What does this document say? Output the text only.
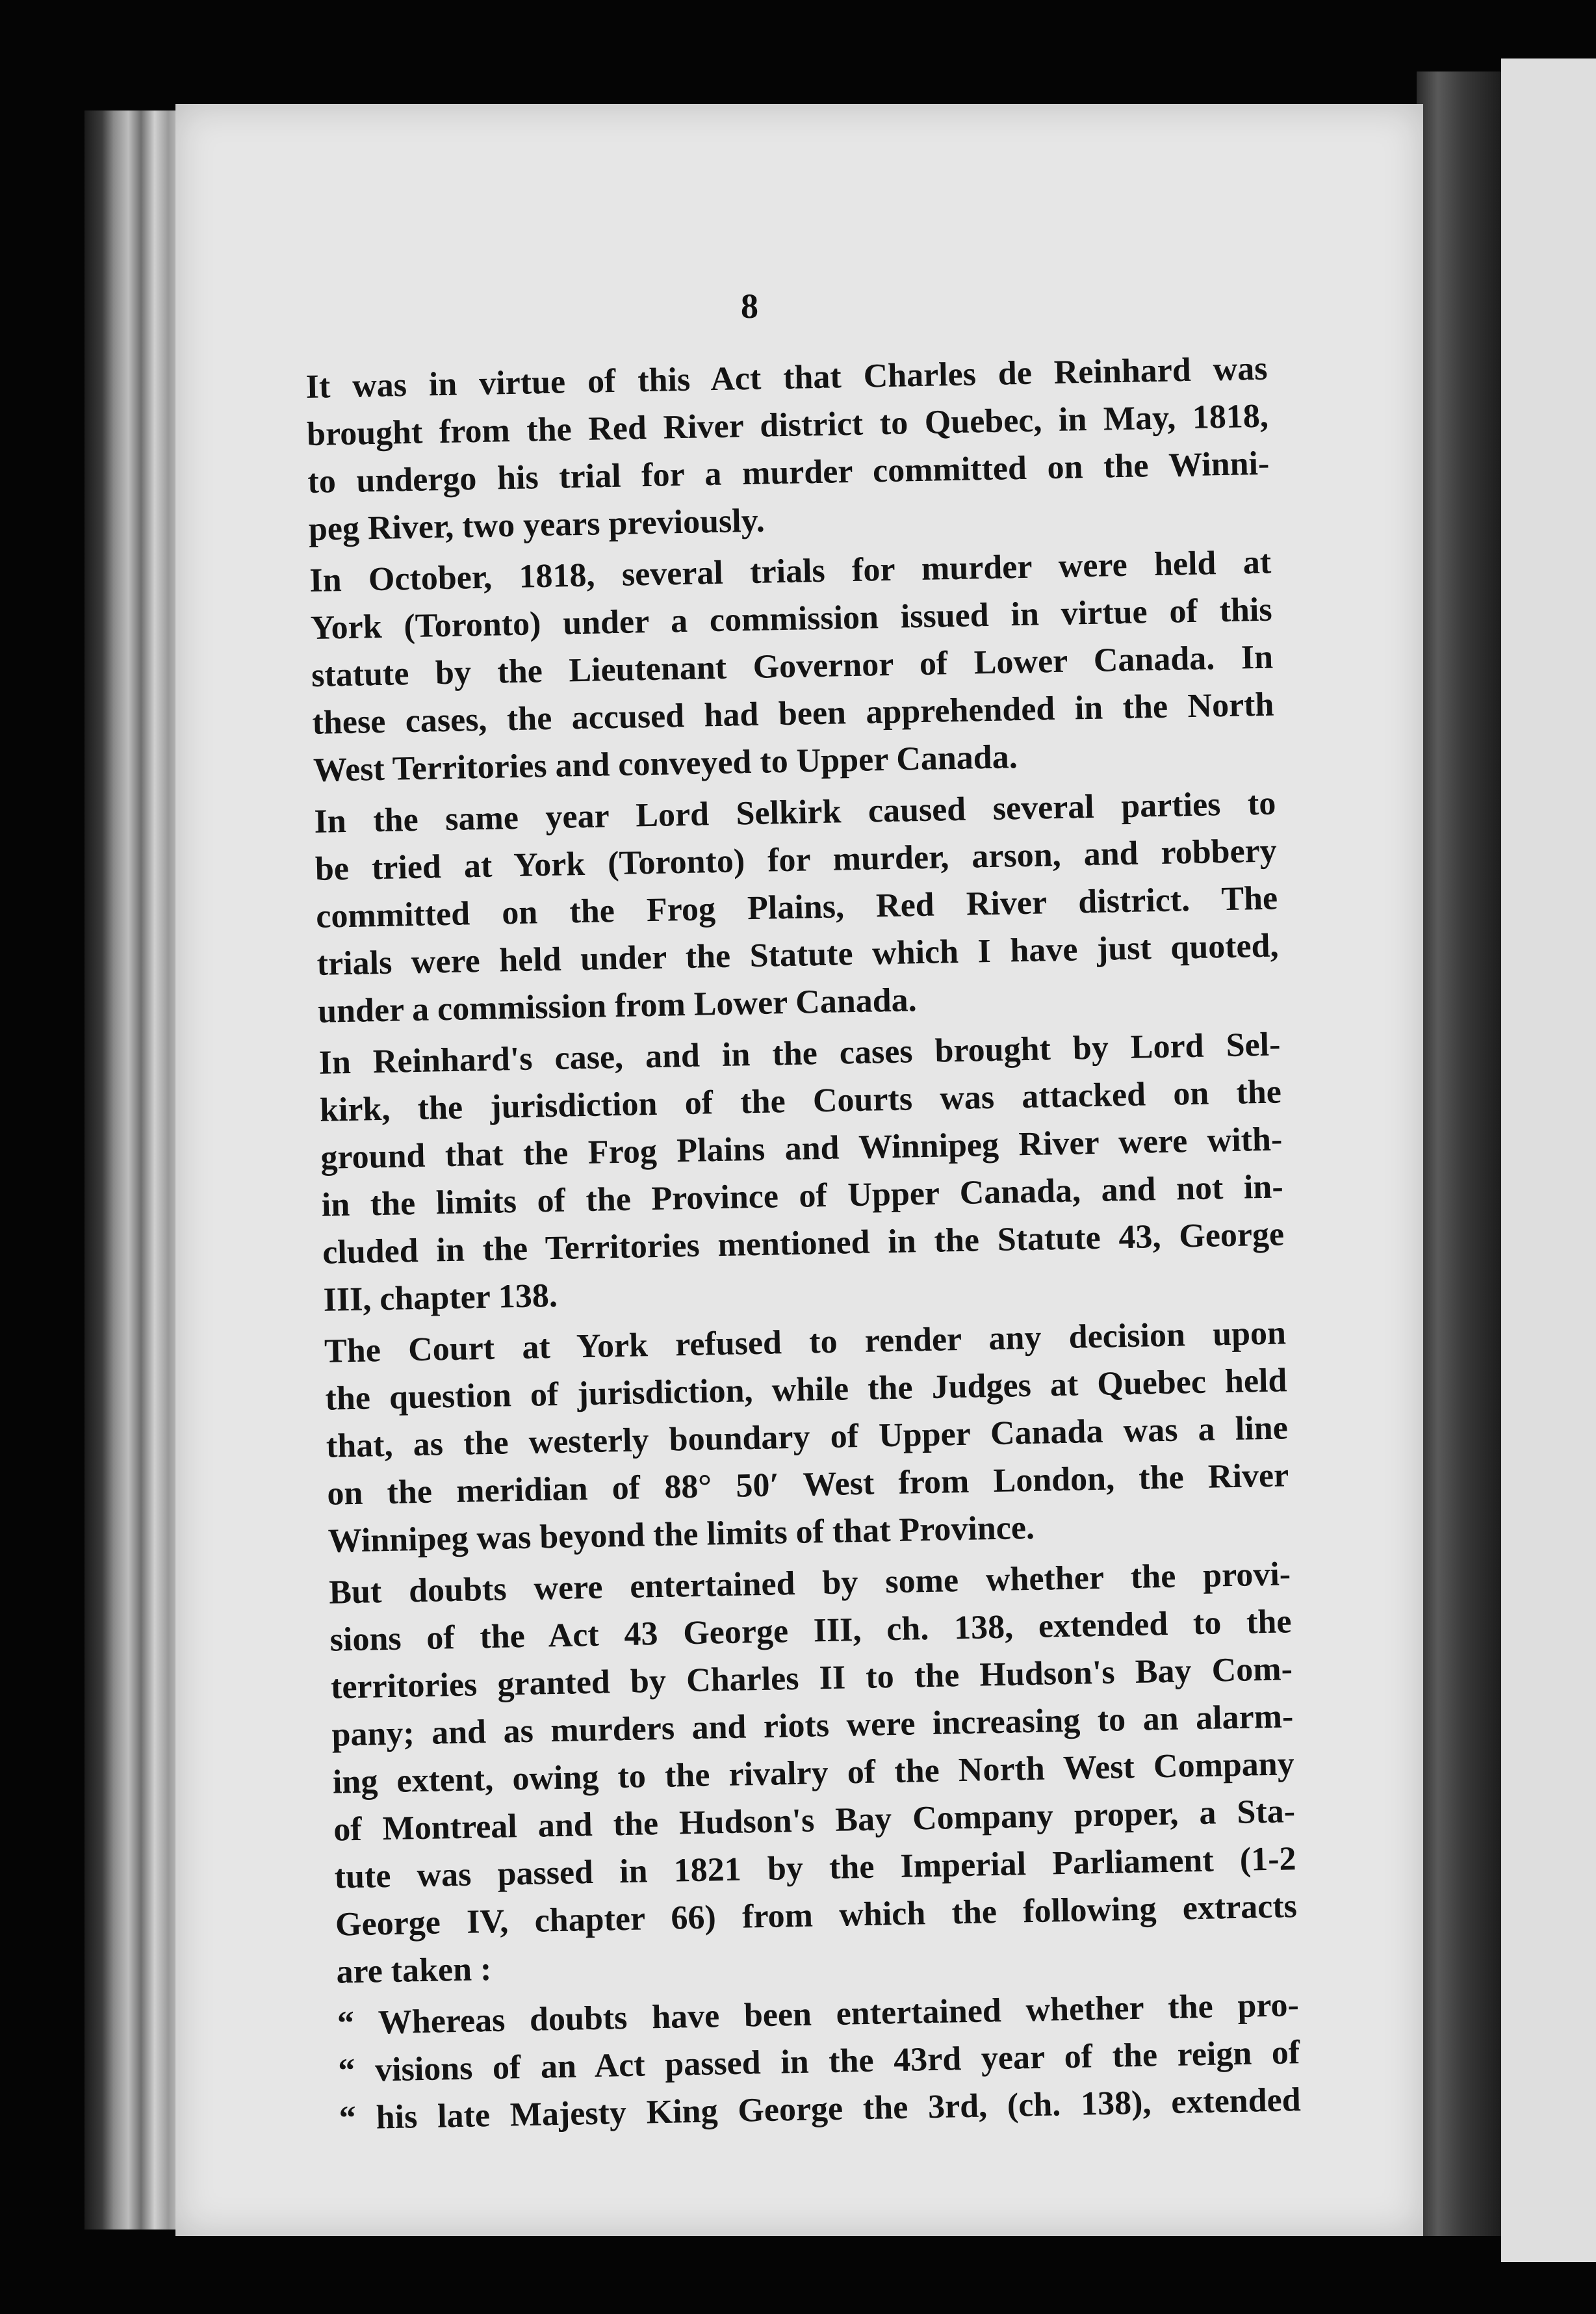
8

It was in virtue of this Act that Charles de Reinhard was
brought from the Red River district to Quebec, in May, 1818,
to undergo his trial for a murder committed on the Winni-
peg River, two years previously.

In October, 1818, several trials for murder were held at
York (Toronto) under a commission issued in virtue of this
statute by the Lieutenant Governor of Lower Canada. In
these cases, the accused had been apprehended in the North
West Territories and conveyed to Upper Canada.

In the same year Lord Selkirk caused several parties to
be tried at York (Toronto) for murder, arson, and robbery
committed on the Frog Plains, Red River district. The
trials were held under the Statute which I have just quoted,
under a commission from Lower Canada.

In Reinhard's case, and in the cases brought by Lord Sel-
kirk, the jurisdiction of the Courts was attacked on the
ground that the Frog Plains and Winnipeg River were with-
in the limits of the Province of Upper Canada, and not in-
cluded in the Territories mentioned in the Statute 43, George
III, chapter 138.

The Court at York refused to render any decision upon
the question of jurisdiction, while the Judges at Quebec held
that, as the westerly boundary of Upper Canada was a line
on the meridian of 88° 50′ West from London, the River
Winnipeg was beyond the limits of that Province.

But doubts were entertained by some whether the provi-
sions of the Act 43 George III, ch. 138, extended to the
territories granted by Charles II to the Hudson's Bay Com-
pany; and as murders and riots were increasing to an alarm-
ing extent, owing to the rivalry of the North West Company
of Montreal and the Hudson's Bay Company proper, a Sta-
tute was passed in 1821 by the Imperial Parliament (1-2
George IV, chapter 66) from which the following extracts
are taken :

“ Whereas doubts have been entertained whether the pro-
“ visions of an Act passed in the 43rd year of the reign of
“ his late Majesty King George the 3rd, (ch. 138), extended
